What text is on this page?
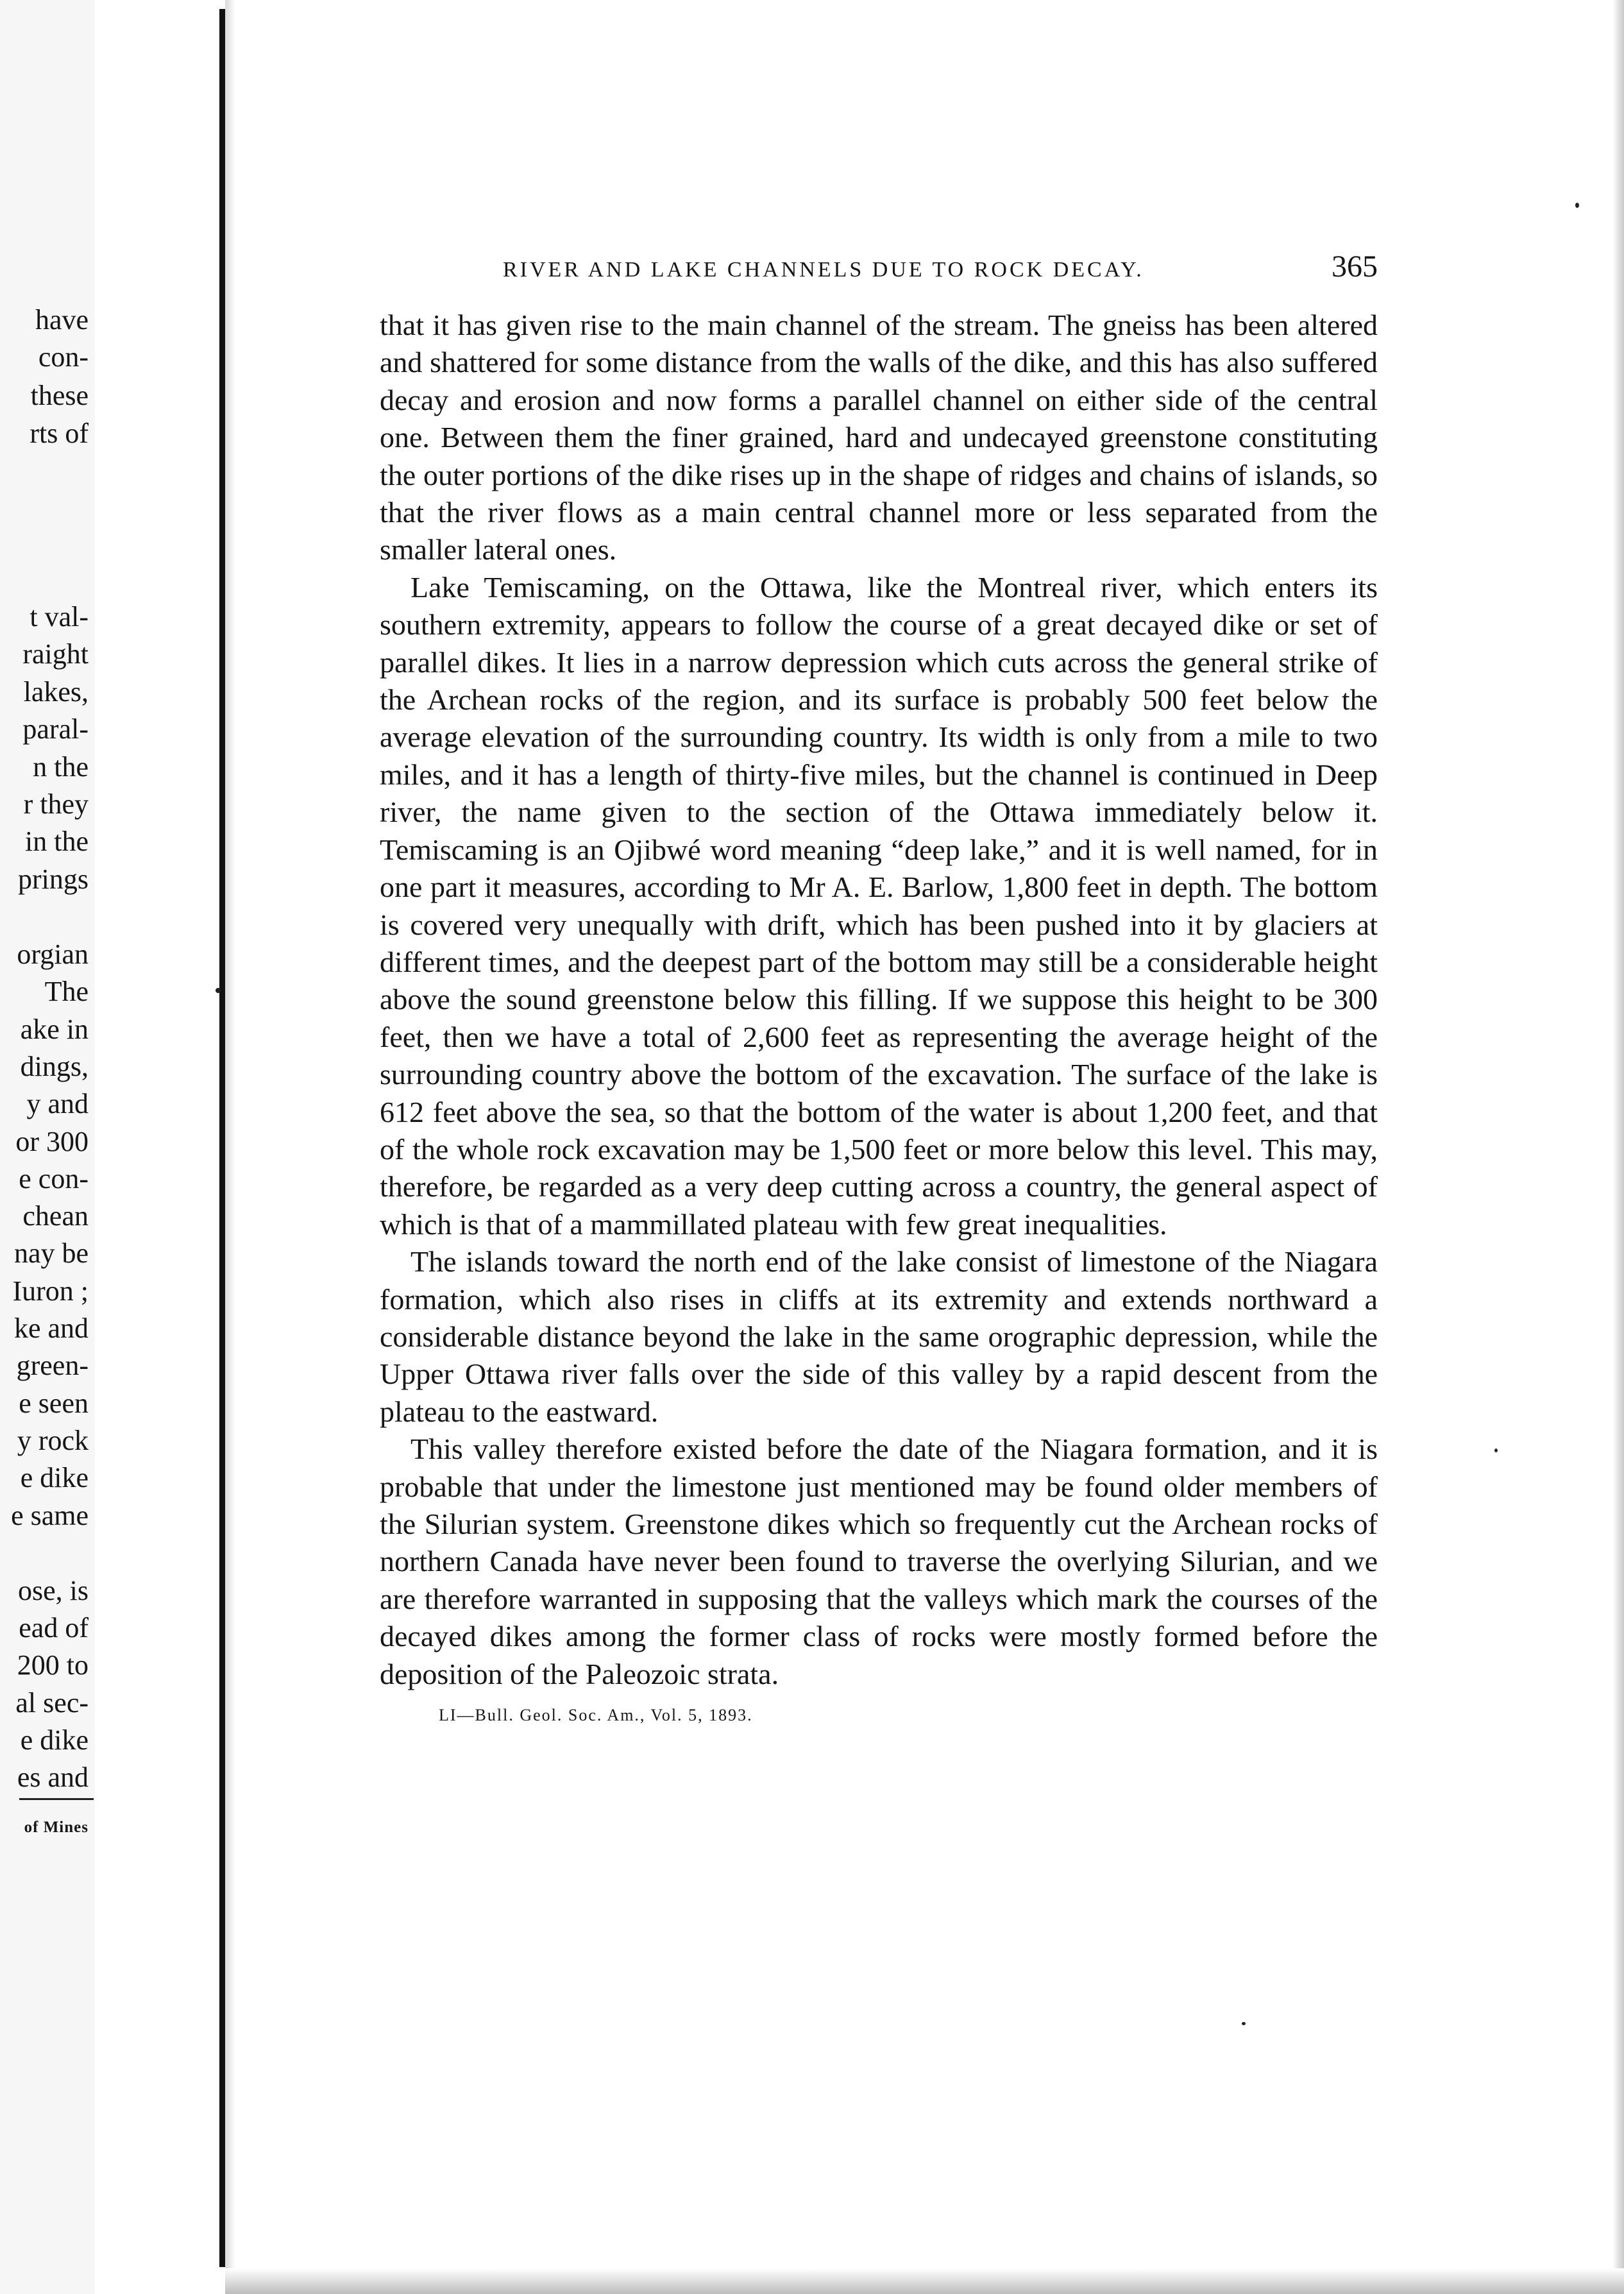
have
con-
these
rts of
t val-
raight
lakes,
paral-
n the
r they
in the
prings
orgian
The
ake in
dings,
y and
or 300
e con-
chean
nay be
Iuron ;
ke and
green-
e seen
y rock
e dike
e same
ose, is
ead of
200 to
al sec-
e dike
es and
of Mines
RIVER AND LAKE CHANNELS DUE TO ROCK DECAY.	365

that it has given rise to the main channel of the stream. The gneiss has been altered and shattered for some distance from the walls of the dike, and this has also suffered decay and erosion and now forms a parallel channel on either side of the central one. Between them the finer grained, hard and undecayed greenstone constituting the outer portions of the dike rises up in the shape of ridges and chains of islands, so that the river flows as a main central channel more or less separated from the smaller lateral ones.

Lake Temiscaming, on the Ottawa, like the Montreal river, which enters its southern extremity, appears to follow the course of a great decayed dike or set of parallel dikes. It lies in a narrow depression which cuts across the general strike of the Archean rocks of the region, and its surface is probably 500 feet below the average elevation of the surrounding country. Its width is only from a mile to two miles, and it has a length of thirty-five miles, but the channel is continued in Deep river, the name given to the section of the Ottawa immediately below it. Temiscaming is an Ojibwé word meaning “deep lake,” and it is well named, for in one part it measures, according to Mr A. E. Barlow, 1,800 feet in depth. The bottom is covered very unequally with drift, which has been pushed into it by glaciers at different times, and the deepest part of the bottom may still be a considerable height above the sound greenstone below this filling. If we suppose this height to be 300 feet, then we have a total of 2,600 feet as representing the average height of the surrounding country above the bottom of the excavation. The surface of the lake is 612 feet above the sea, so that the bottom of the water is about 1,200 feet, and that of the whole rock excavation may be 1,500 feet or more below this level. This may, therefore, be regarded as a very deep cutting across a country, the general aspect of which is that of a mammillated plateau with few great inequalities.

The islands toward the north end of the lake consist of limestone of the Niagara formation, which also rises in cliffs at its extremity and extends northward a considerable distance beyond the lake in the same orographic depression, while the Upper Ottawa river falls over the side of this valley by a rapid descent from the plateau to the eastward.

This valley therefore existed before the date of the Niagara formation, and it is probable that under the limestone just mentioned may be found older members of the Silurian system. Greenstone dikes which so frequently cut the Archean rocks of northern Canada have never been found to traverse the overlying Silurian, and we are therefore warranted in supposing that the valleys which mark the courses of the decayed dikes among the former class of rocks were mostly formed before the deposition of the Paleozoic strata.

LI—Bull. Geol. Soc. Am., Vol. 5, 1893.
